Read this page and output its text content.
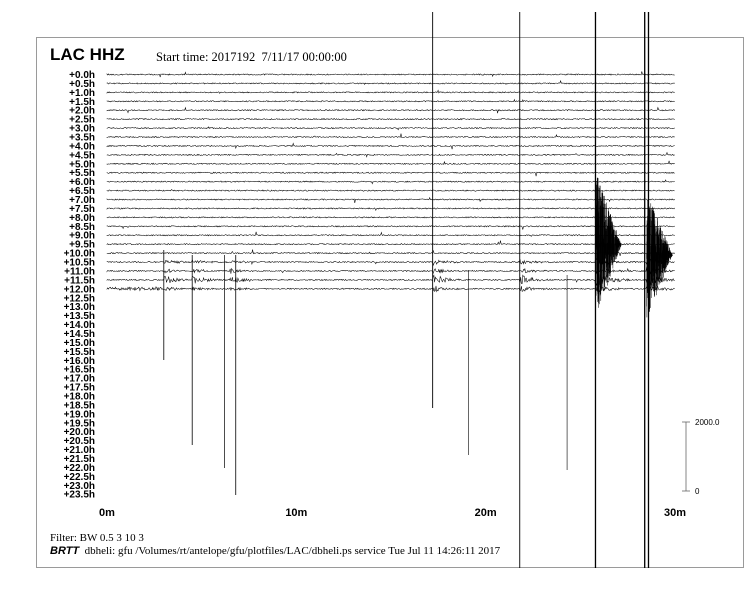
LAC HHZ	Start time: 2017192  7/11/17 00:00:00
+0.0h
+0.5h
+1.0h
+1.5h
+2.0h
+2.5h
+3.0h
+3.5h
+4.0h
+4.5h
+5.0h
+5.5h
+6.0h
+6.5h
+7.0h
+7.5h
+8.0h
+8.5h
+9.0h
+9.5h
+10.0h
+10.5h
+11.0h
+11.5h
+12.0h
+12.5h
+13.0h
+13.5h
+14.0h
+14.5h
+15.0h
+15.5h
+16.0h
+16.5h
+17.0h
+17.5h
+18.0h
+18.5h
+19.0h
+19.5h
+20.0h
+20.5h
+21.0h
+21.5h
+22.0h
+22.5h
+23.0h
+23.5h
0m	10m	20m	30m
2000.0
0
Filter: BW 0.5 3 10 3
BRTT  dbheli: gfu /Volumes/rt/antelope/gfu/plotfiles/LAC/dbheli.ps service Tue Jul 11 14:26:11 2017
